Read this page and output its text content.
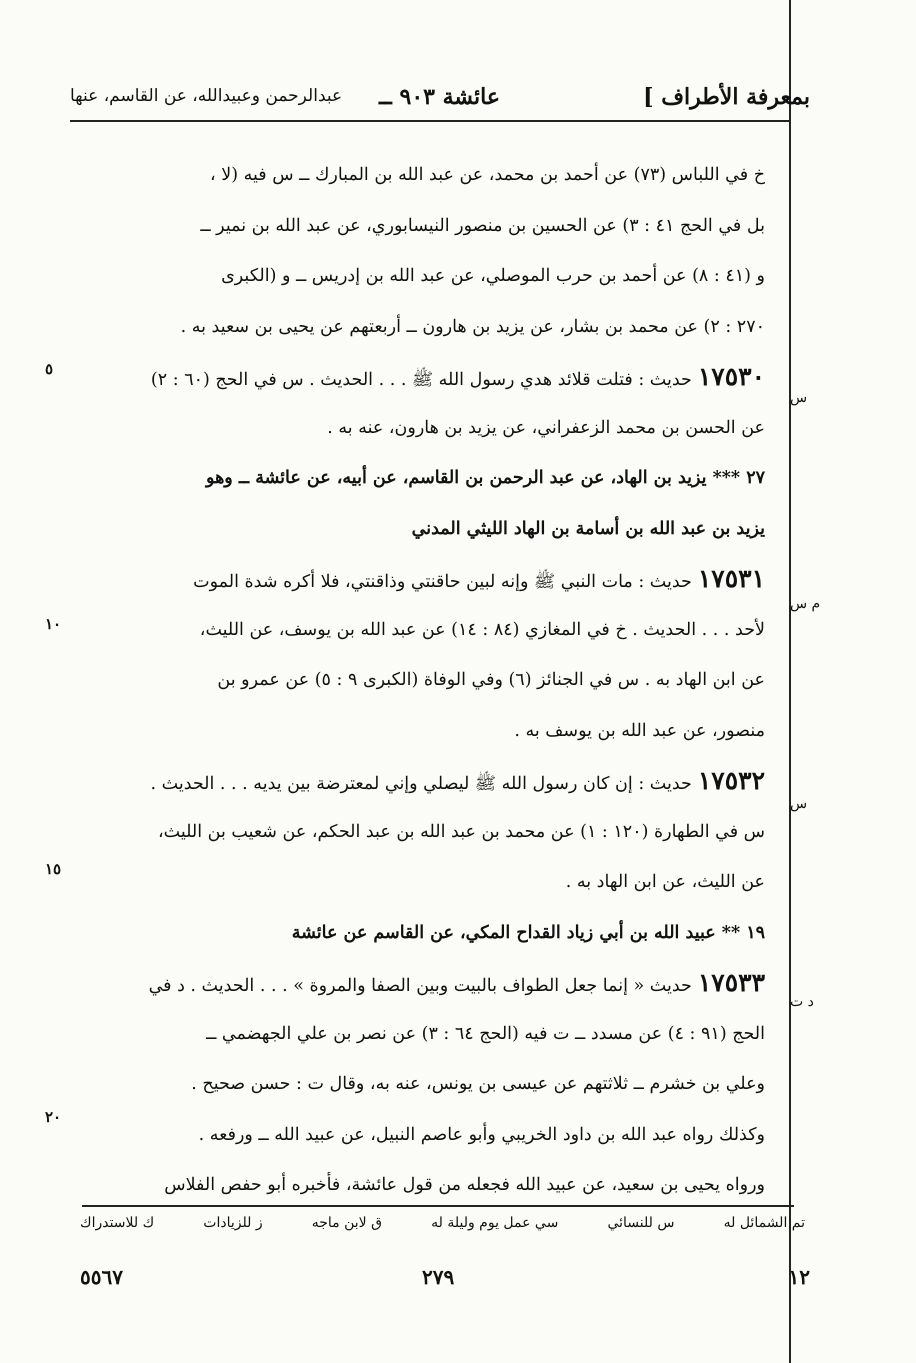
بمعرفة الأطراف ]
عائشة ٩٠٣ ــ
عبدالرحمن وعبيدالله، عن القاسم، عنها
خ في اللباس (٧٣) عن أحمد بن محمد، عن عبد الله بن المبارك ــ س فيه (لا ،
بل في الحج ٤١ : ٣) عن الحسين بن منصور النيسابوري، عن عبد الله بن نمير ــ
و (٤١ : ٨) عن أحمد بن حرب الموصلي، عن عبد الله بن إدريس ــ و (الكبرى
٢٧٠ : ٢) عن محمد بن بشار، عن يزيد بن هارون ــ أربعتهم عن يحيى بن سعيد به .
١٧٥٣٠حديث : فتلت قلائد هدي رسول الله ﷺ . . . الحديث . س في الحج (٦٠ : ٢)
عن الحسن بن محمد الزعفراني، عن يزيد بن هارون، عنه به .
٢٧ *** يزيد بن الهاد، عن عبد الرحمن بن القاسم، عن أبيه، عن عائشة ــ وهو
يزيد بن عبد الله بن أسامة بن الهاد الليثي المدني
١٧٥٣١حديث : مات النبي ﷺ وإنه لبين حاقنتي وذاقنتي، فلا أكره شدة الموت
لأحد . . . الحديث . خ في المغازي (٨٤ : ١٤) عن عبد الله بن يوسف، عن الليث،
عن ابن الهاد به . س في الجنائز (٦) وفي الوفاة (الكبرى ٩ : ٥) عن عمرو بن
منصور، عن عبد الله بن يوسف به .
١٧٥٣٢حديث : إن كان رسول الله ﷺ ليصلي وإني لمعترضة بين يديه . . . الحديث .
س في الطهارة (١٢٠ : ١) عن محمد بن عبد الله بن عبد الحكم، عن شعيب بن الليث،
عن الليث، عن ابن الهاد به .
١٩ ** عبيد الله بن أبي زياد القداح المكي، عن القاسم عن عائشة
١٧٥٣٣حديث « إنما جعل الطواف بالبيت وبين الصفا والمروة » . . . الحديث . د في
الحج (٩١ : ٤) عن مسدد ــ ت فيه (الحج ٦٤ : ٣) عن نصر بن علي الجهضمي ــ
وعلي بن خشرم ــ ثلاثتهم عن عيسى بن يونس، عنه به، وقال ت : حسن صحيح .
وكذلك رواه عبد الله بن داود الخريبي وأبو عاصم النبيل، عن عبيد الله ــ ورفعه .
ورواه يحيى بن سعيد، عن عبيد الله فجعله من قول عائشة، فأخبره أبو حفص الفلاس
٥
١٠
١٥
٢٠
س
م س
س
د ت
تم الشمائل له
س للنسائي
سي عمل يوم وليلة له
ق لابن ماجه
ز للزيادات
ك للاستدراك
٥٥٦٧	٢٧٩	١٢
